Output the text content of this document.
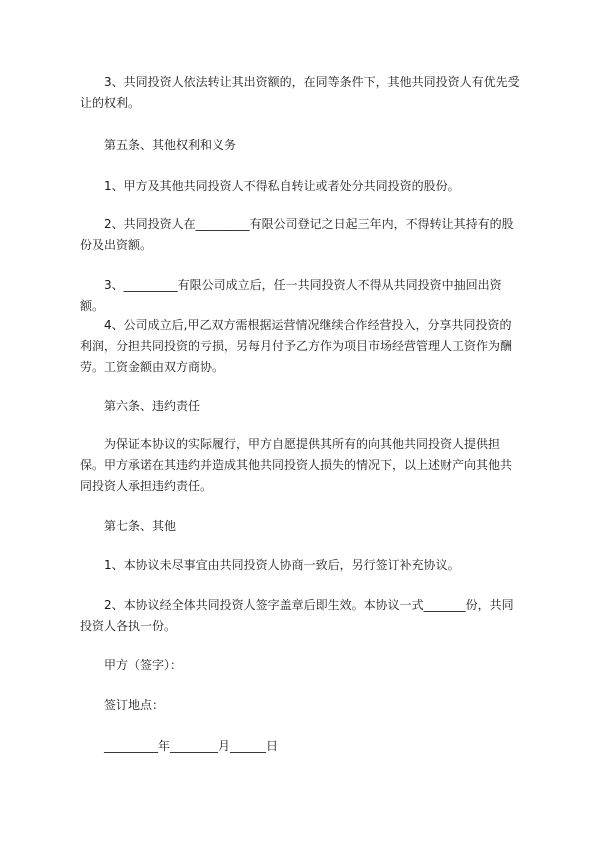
3、共同投资人依法转让其出资额的，在同等条件下，其他共同投资人有优先受让的权利。

第五条、其他权利和义务

1、甲方及其他共同投资人不得私自转让或者处分共同投资的股份。

2、共同投资人在_________有限公司登记之日起三年内，不得转让其持有的股份及出资额。

3、_________有限公司成立后，任一共同投资人不得从共同投资中抽回出资额。

4、公司成立后,甲乙双方需根据运营情况继续合作经营投入，分享共同投资的利润，分担共同投资的亏损，另每月付予乙方作为项目市场经营管理人工资作为酬劳。工资金额由双方商协。

第六条、违约责任

为保证本协议的实际履行，甲方自愿提供其所有的向其他共同投资人提供担保。甲方承诺在其违约并造成其他共同投资人损失的情况下，以上述财产向其他共同投资人承担违约责任。

第七条、其他

1、本协议未尽事宜由共同投资人协商一致后，另行签订补充协议。

2、本协议经全体共同投资人签字盖章后即生效。本协议一式_______份，共同投资人各执一份。

甲方（签字）：

签订地点：

_________年________月______日
